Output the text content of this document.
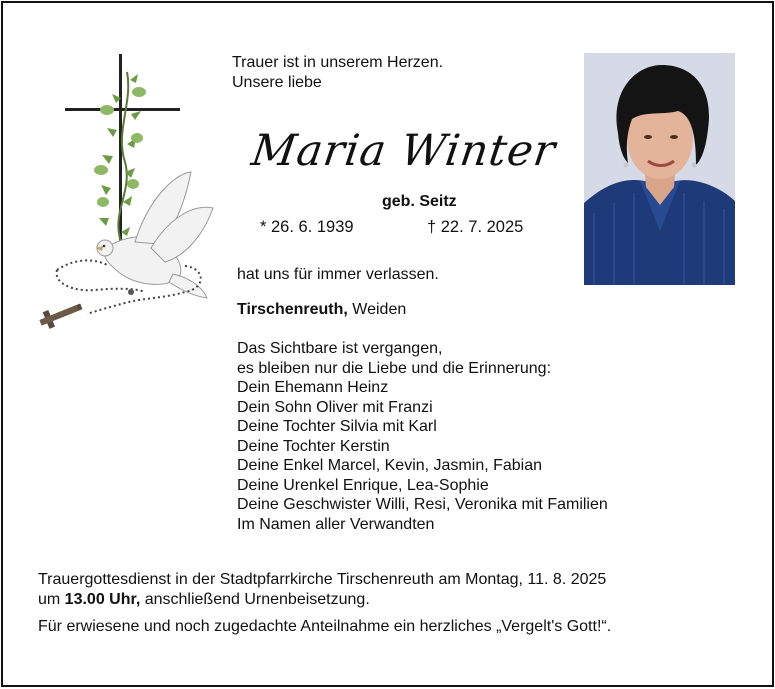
Trauer ist in unserem Herzen.
Unsere liebe
Maria Winter
geb. Seitz
* 26. 6. 1939	† 22. 7. 2025
hat uns für immer verlassen.
Tirschenreuth, Weiden
Das Sichtbare ist vergangen,
es bleiben nur die Liebe und die Erinnerung:
Dein Ehemann Heinz
Dein Sohn Oliver mit Franzi
Deine Tochter Silvia mit Karl
Deine Tochter Kerstin
Deine Enkel Marcel, Kevin, Jasmin, Fabian
Deine Urenkel Enrique, Lea-Sophie
Deine Geschwister Willi, Resi, Veronika mit Familien
Im Namen aller Verwandten
Trauergottesdienst in der Stadtpfarrkirche Tirschenreuth am Montag, 11. 8. 2025
um 13.00 Uhr, anschließend Urnenbeisetzung.
Für erwiesene und noch zugedachte Anteilnahme ein herzliches „Vergelt's Gott!“.
